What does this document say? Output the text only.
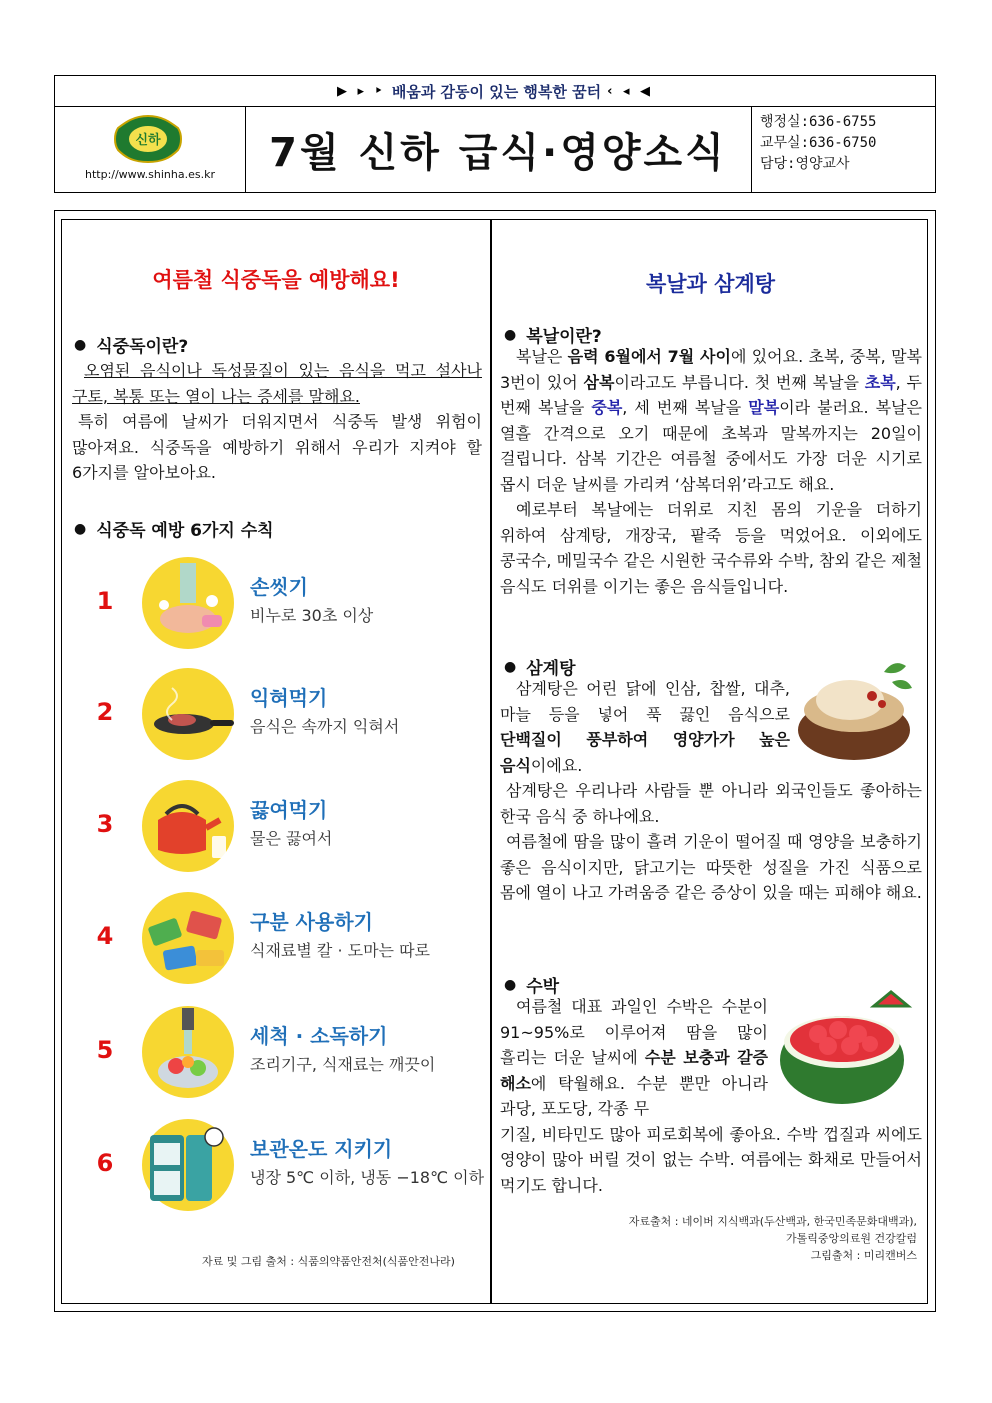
▶ ▸ ‣ 배움과 감동이 있는 행복한 꿈터 ‹ ◂ ◀
신하
http://www.shinha.es.kr	7월 신하 급식·영양소식
행정실:636-6755
교무실:636-6750
담당:영양교사
여름철 식중독을 예방해요!
● 식중독이란?

오염된 음식이나 독성물질이 있는 음식을 먹고 설사나 구토, 복통 또는 열이 나는 증세를 말해요.

특히 여름에 날씨가 더워지면서 식중독 발생 위험이 많아져요. 식중독을 예방하기 위해서 우리가 지켜야 할 6가지를 알아보아요.

● 식중독 예방 6가지 수칙
1	손씻기
비누로 30초 이상
2	익혀먹기
음식은 속까지 익혀서
3	끓여먹기
물은 끓여서
4	구분 사용하기
식재료별 칼 · 도마는 따로
5	세척 · 소독하기
조리기구, 식재료는 깨끗이
6	보관온도 지키기
냉장 5℃ 이하, 냉동 −18℃ 이하
자료 및 그림 출처 : 식품의약품안전처(식품안전나라)
복날과 삼계탕
● 복날이란?

복날은 음력 6월에서 7월 사이에 있어요. 초복, 중복, 말복 3번이 있어 삼복이라고도 부릅니다. 첫 번째 복날을 초복, 두 번째 복날을 중복, 세 번째 복날을 말복이라 불러요. 복날은 열흘 간격으로 오기 때문에 초복과 말복까지는 20일이 걸립니다. 삼복 기간은 여름철 중에서도 가장 더운 시기로 몹시 더운 날씨를 가리켜 ‘삼복더위’라고도 해요.

예로부터 복날에는 더위로 지친 몸의 기운을 더하기 위하여 삼계탕, 개장국, 팥죽 등을 먹었어요. 이외에도 콩국수, 메밀국수 같은 시원한 국수류와 수박, 참외 같은 제철 음식도 더위를 이기는 좋은 음식들입니다.

● 삼계탕

삼계탕은 어린 닭에 인삼, 찹쌀, 대추, 마늘 등을 넣어 푹 끓인 음식으로 단백질이 풍부하여 영양가가 높은 음식이에요.

삼계탕은 우리나라 사람들 뿐 아니라 외국인들도 좋아하는 한국 음식 중 하나에요.

여름철에 땀을 많이 흘려 기운이 떨어질 때 영양을 보충하기 좋은 음식이지만, 닭고기는 따뜻한 성질을 가진 식품으로 몸에 열이 나고 가려움증 같은 증상이 있을 때는 피해야 해요.

● 수박

여름철 대표 과일인 수박은 수분이 91~95%로 이루어져 땀을 많이 흘리는 더운 날씨에 수분 보충과 갈증 해소에 탁월해요. 수분 뿐만 아니라 과당, 포도당, 각종 무

기질, 비타민도 많아 피로회복에 좋아요. 수박 껍질과 씨에도 영양이 많아 버릴 것이 없는 수박. 여름에는 화채로 만들어서 먹기도 합니다.

자료출처 : 네이버 지식백과(두산백과, 한국민족문화대백과),
가톨릭중앙의료원 건강칼럼
그림출처 : 미리캔버스
